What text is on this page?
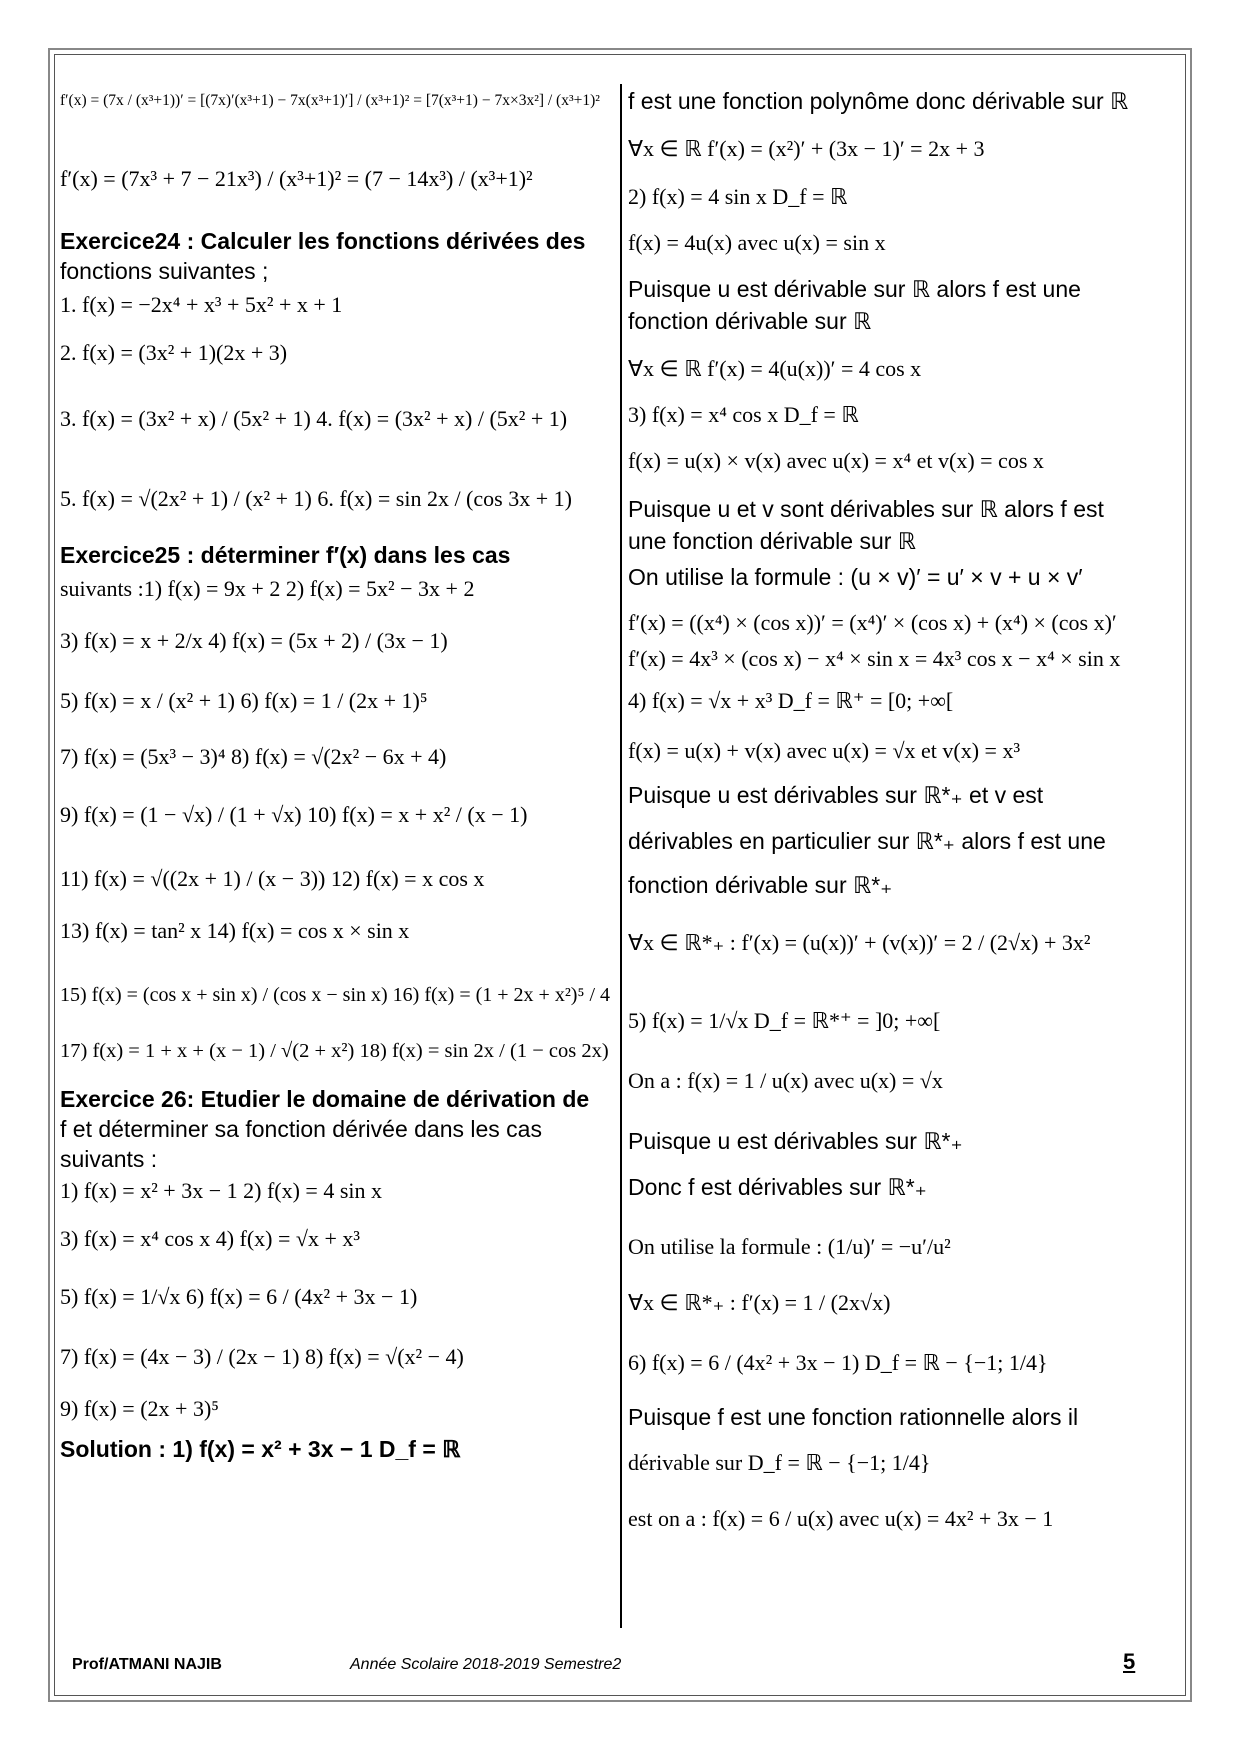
f′(x) = (7x / (x³+1))′ = [(7x)′(x³+1) − 7x(x³+1)′] / (x³+1)² = [7(x³+1) − 7x×3x²] / (x³+1)²
f′(x) = (7x³ + 7 − 21x³) / (x³+1)² = (7 − 14x³) / (x³+1)²
Exercice24 : Calculer les fonctions dérivées des
fonctions suivantes ;
1. f(x) = −2x⁴ + x³ + 5x² + x + 1
2. f(x) = (3x² + 1)(2x + 3)
3. f(x) = (3x² + x) / (5x² + 1) 4. f(x) = (3x² + x) / (5x² + 1)
5. f(x) = √(2x² + 1) / (x² + 1) 6. f(x) = sin 2x / (cos 3x + 1)
Exercice25 : déterminer f′(x) dans les cas
suivants :1) f(x) = 9x + 2 2) f(x) = 5x² − 3x + 2
3) f(x) = x + 2/x 4) f(x) = (5x + 2) / (3x − 1)
5) f(x) = x / (x² + 1) 6) f(x) = 1 / (2x + 1)⁵
7) f(x) = (5x³ − 3)⁴ 8) f(x) = √(2x² − 6x + 4)
9) f(x) = (1 − √x) / (1 + √x) 10) f(x) = x + x² / (x − 1)
11) f(x) = √((2x + 1) / (x − 3)) 12) f(x) = x cos x
13) f(x) = tan² x 14) f(x) = cos x × sin x
15) f(x) = (cos x + sin x) / (cos x − sin x) 16) f(x) = (1 + 2x + x²)⁵ / 4
17) f(x) = 1 + x + (x − 1) / √(2 + x²) 18) f(x) = sin 2x / (1 − cos 2x)
Exercice 26: Etudier le domaine de dérivation de
f et déterminer sa fonction dérivée dans les cas
suivants :
1) f(x) = x² + 3x − 1 2) f(x) = 4 sin x
3) f(x) = x⁴ cos x 4) f(x) = √x + x³
5) f(x) = 1/√x 6) f(x) = 6 / (4x² + 3x − 1)
7) f(x) = (4x − 3) / (2x − 1) 8) f(x) = √(x² − 4)
9) f(x) = (2x + 3)⁵
Solution : 1) f(x) = x² + 3x − 1 D_f = ℝ
f est une fonction polynôme donc dérivable sur ℝ
∀x ∈ ℝ f′(x) = (x²)′ + (3x − 1)′ = 2x + 3
2) f(x) = 4 sin x D_f = ℝ
f(x) = 4u(x) avec u(x) = sin x
Puisque u est dérivable sur ℝ alors f est une
fonction dérivable sur ℝ
∀x ∈ ℝ f′(x) = 4(u(x))′ = 4 cos x
3) f(x) = x⁴ cos x D_f = ℝ
f(x) = u(x) × v(x) avec u(x) = x⁴ et v(x) = cos x
Puisque u et v sont dérivables sur ℝ alors f est
une fonction dérivable sur ℝ
On utilise la formule : (u × v)′ = u′ × v + u × v′
f′(x) = ((x⁴) × (cos x))′ = (x⁴)′ × (cos x) + (x⁴) × (cos x)′
f′(x) = 4x³ × (cos x) − x⁴ × sin x = 4x³ cos x − x⁴ × sin x
4) f(x) = √x + x³ D_f = ℝ⁺ = [0; +∞[
f(x) = u(x) + v(x) avec u(x) = √x et v(x) = x³
Puisque u est dérivables sur ℝ*₊ et v est
dérivables en particulier sur ℝ*₊ alors f est une
fonction dérivable sur ℝ*₊
∀x ∈ ℝ*₊ : f′(x) = (u(x))′ + (v(x))′ = 2 / (2√x) + 3x²
5) f(x) = 1/√x D_f = ℝ*⁺ = ]0; +∞[
On a : f(x) = 1 / u(x) avec u(x) = √x
Puisque u est dérivables sur ℝ*₊
Donc f est dérivables sur ℝ*₊
On utilise la formule : (1/u)′ = −u′/u²
∀x ∈ ℝ*₊ : f′(x) = 1 / (2x√x)
6) f(x) = 6 / (4x² + 3x − 1) D_f = ℝ − {−1; 1/4}
Puisque f est une fonction rationnelle alors il
dérivable sur D_f = ℝ − {−1; 1/4}
est on a : f(x) = 6 / u(x) avec u(x) = 4x² + 3x − 1
Prof/ATMANI NAJIB	Année Scolaire 2018-2019 Semestre2	5
